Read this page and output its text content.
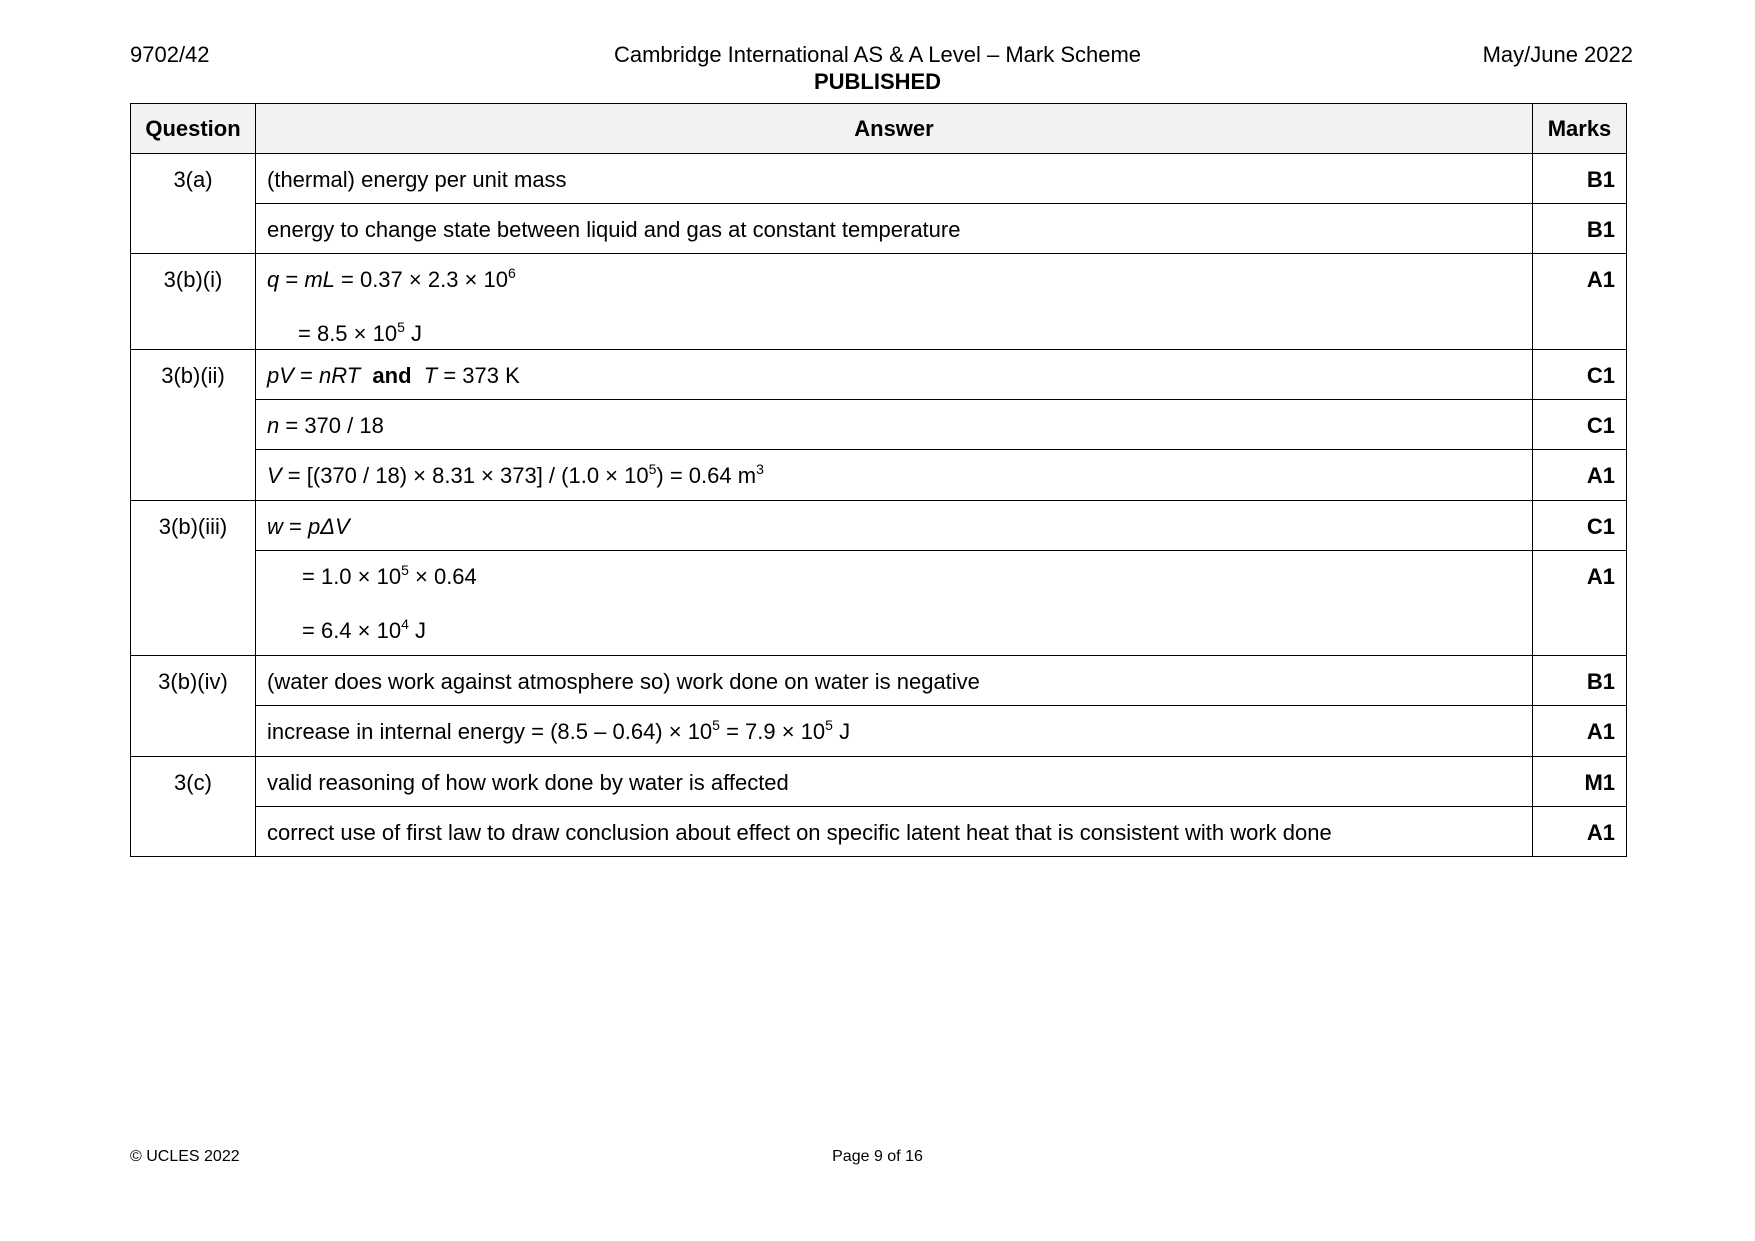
9702/42	Cambridge International AS & A Level – Mark Scheme
PUBLISHED
May/June 2022
Question	Answer	Marks

3(a)	(thermal) energy per unit mass	B1

	energy to change state between liquid and gas at constant temperature	B1

3(b)(i)	q = mL = $0.37 \times 2.3 \times 10^6$
= $8.5 \times 10^5$ J	A1

3(b)(ii)	pV = nRT and T = 373 K	C1

	n = 370 / 18	C1

	$V = [(370 / 18) \times 8.31 \times 373] / (1.0 \times 10^5) = 0.64$ $m^3$	A1

3(b)(iii)	w = pΔV	C1

	= $1.0 \times 10^5 \times 0.64$
= $6.4 \times 10^4$ J	A1

3(b)(iv)	(water does work against atmosphere so) work done on water is negative	B1

	increase in internal energy = $(8.5 - 0.64) \times 10^5 = 7.9 \times 10^5$ J	A1

3(c)	valid reasoning of how work done by water is affected	M1

	correct use of first law to draw conclusion about effect on specific latent heat that is consistent with work done	A1
© UCLES 2022	Page 9 of 16
